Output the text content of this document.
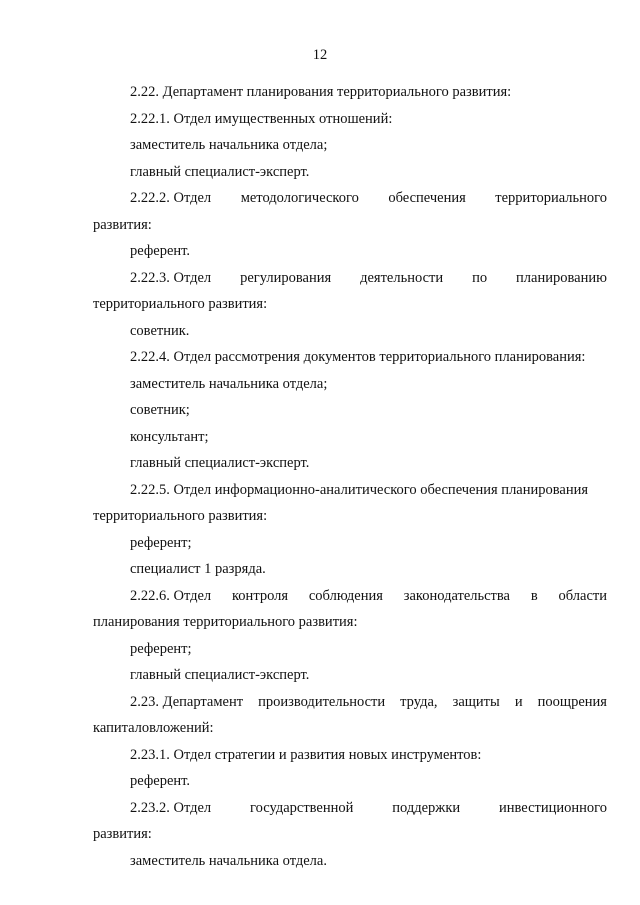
12
2.22. Департамент планирования территориального развития:
2.22.1. Отдел имущественных отношений:
заместитель начальника отдела;
главный специалист-эксперт.
2.22.2. Отдел методологического обеспечения территориального
развития:
референт.
2.22.3. Отдел регулирования деятельности по планированию
территориального развития:
советник.
2.22.4. Отдел рассмотрения документов территориального планирования:
заместитель начальника отдела;
советник;
консультант;
главный специалист-эксперт.
2.22.5. Отдел информационно-аналитического обеспечения планирования
территориального развития:
референт;
специалист 1 разряда.
2.22.6. Отдел контроля соблюдения законодательства в области
планирования территориального развития:
референт;
главный специалист-эксперт.
2.23. Департамент производительности труда, защиты и поощрения
капиталовложений:
2.23.1. Отдел стратегии и развития новых инструментов:
референт.
2.23.2. Отдел	государственной	поддержки	инвестиционного
развития:
заместитель начальника отдела.
